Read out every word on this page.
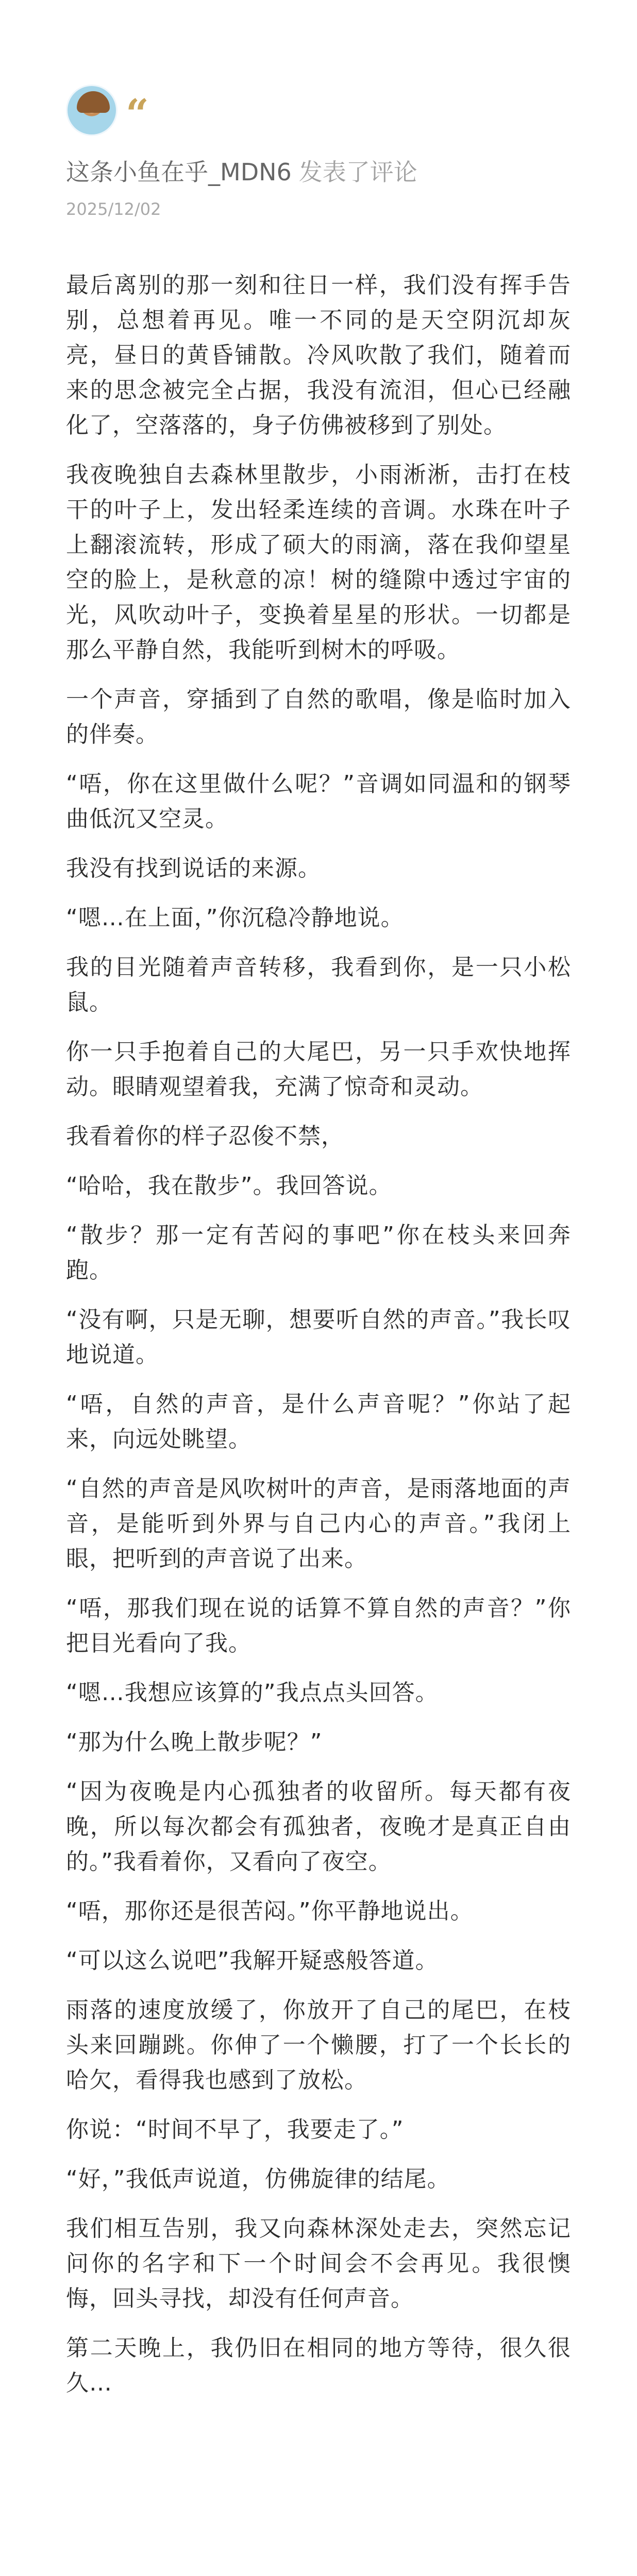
“
这条小鱼在乎_MDN6 发表了评论
2025/12/02

最后离别的那一刻和往日一样，我们没有挥手告别，总想着再见。唯一不同的是天空阴沉却灰亮，昼日的黄昏铺散。冷风吹散了我们，随着而来的思念被完全占据，我没有流泪，但心已经融化了，空落落的，身子仿佛被移到了别处。

我夜晚独自去森林里散步，小雨淅淅，击打在枝干的叶子上，发出轻柔连续的音调。水珠在叶子上翻滚流转，形成了硕大的雨滴，落在我仰望星空的脸上，是秋意的凉！树的缝隙中透过宇宙的光，风吹动叶子，变换着星星的形状。一切都是那么平静自然，我能听到树木的呼吸。

一个声音，穿插到了自然的歌唱，像是临时加入的伴奏。

“唔，你在这里做什么呢？”音调如同温和的钢琴曲低沉又空灵。

我没有找到说话的来源。

“嗯…在上面，”你沉稳冷静地说。

我的目光随着声音转移，我看到你，是一只小松鼠。

你一只手抱着自己的大尾巴，另一只手欢快地挥动。眼睛观望着我，充满了惊奇和灵动。

我看着你的样子忍俊不禁，

“哈哈，我在散步”。我回答说。

“散步？那一定有苦闷的事吧”你在枝头来回奔跑。

“没有啊，只是无聊，想要听自然的声音。”我长叹地说道。

“唔，自然的声音，是什么声音呢？”你站了起来，向远处眺望。

“自然的声音是风吹树叶的声音，是雨落地面的声音，是能听到外界与自己内心的声音。”我闭上眼，把听到的声音说了出来。

“唔，那我们现在说的话算不算自然的声音？”你把目光看向了我。

“嗯…我想应该算的”我点点头回答。

“那为什么晚上散步呢？”

“因为夜晚是内心孤独者的收留所。每天都有夜晚，所以每次都会有孤独者，夜晚才是真正自由的。”我看着你，又看向了夜空。

“唔，那你还是很苦闷。”你平静地说出。

“可以这么说吧”我解开疑惑般答道。

雨落的速度放缓了，你放开了自己的尾巴，在枝头来回蹦跳。你伸了一个懒腰，打了一个长长的哈欠，看得我也感到了放松。

你说：“时间不早了，我要走了。”

“好，”我低声说道，仿佛旋律的结尾。

我们相互告别，我又向森林深处走去，突然忘记问你的名字和下一个时间会不会再见。我很懊悔，回头寻找，却没有任何声音。

第二天晚上，我仍旧在相同的地方等待，很久很久…
